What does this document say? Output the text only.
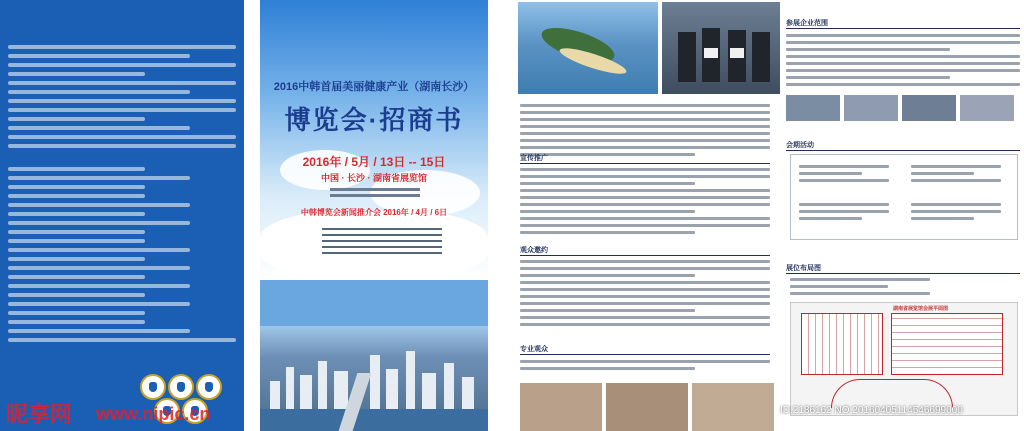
2016中韩首届美丽健康产业（湖南长沙）
博览会·招商书
2016年 / 5月 / 13日 -- 15日
中国 · 长沙 · 湖南省展览馆
中韩博览会新闻推介会 2016年 / 4月 / 6日
宣传推广
观众邀约
专业观众
参展企业范围
会期活动
展位布局图
湖南省展览馆会展平面图
昵享网 www.nipic.cn	ID:2186162 NO:20160405114546699000
